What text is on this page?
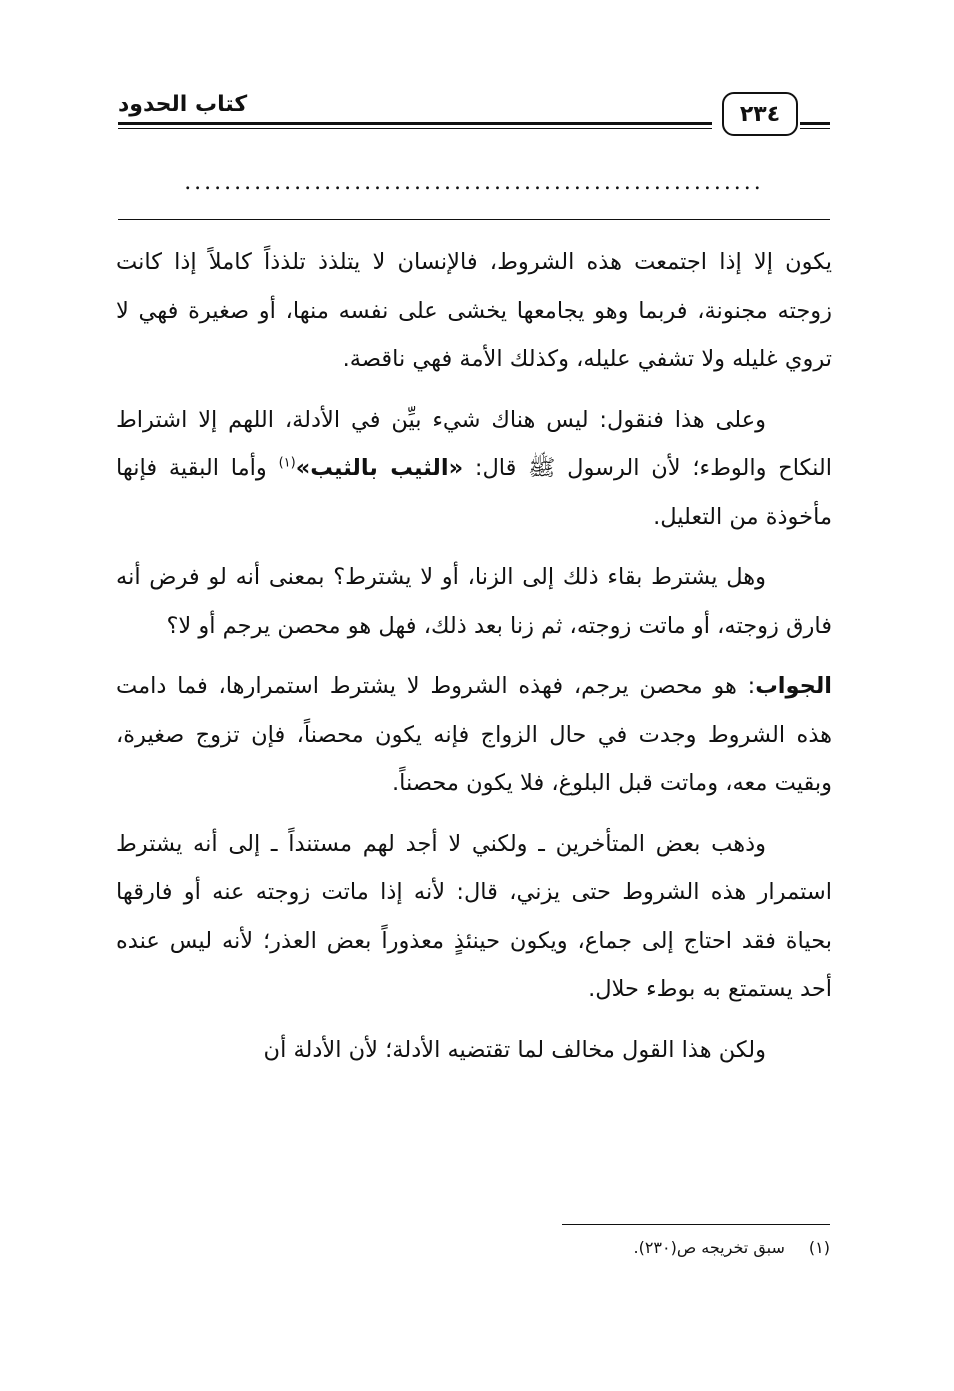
كتاب الحدود	٢٣٤
..........................................................

يكون إلا إذا اجتمعت هذه الشروط، فالإنسان لا يتلذذ تلذذاً كاملاً إذا كانت زوجته مجنونة، فربما وهو يجامعها يخشى على نفسه منها، أو صغيرة فهي لا تروي غليله ولا تشفي عليله، وكذلك الأمة فهي ناقصة.

وعلى هذا فنقول: ليس هناك شيء بيِّن في الأدلة، اللهم إلا اشتراط النكاح والوطء؛ لأن الرسول ﷺ قال: «الثيب بالثيب»$^{(١)}$ وأما البقية فإنها مأخوذة من التعليل.

وهل يشترط بقاء ذلك إلى الزنا، أو لا يشترط؟ بمعنى أنه لو فرض أنه فارق زوجته، أو ماتت زوجته، ثم زنا بعد ذلك، فهل هو محصن يرجم أو لا؟

الجواب: هو محصن يرجم، فهذه الشروط لا يشترط استمرارها، فما دامت هذه الشروط وجدت في حال الزواج فإنه يكون محصناً، فإن تزوج صغيرة، وبقيت معه، وماتت قبل البلوغ، فلا يكون محصناً.

وذهب بعض المتأخرين ـ ولكني لا أجد لهم مستنداً ـ إلى أنه يشترط استمرار هذه الشروط حتى يزني، قال: لأنه إذا ماتت زوجته عنه أو فارقها بحياة فقد احتاج إلى جماع، ويكون حينئذٍ معذوراً بعض العذر؛ لأنه ليس عنده أحد يستمتع به بوطء حلال.

ولكن هذا القول مخالف لما تقتضيه الأدلة؛ لأن الأدلة أن

(١)سبق تخريجه ص(٢٣٠).
